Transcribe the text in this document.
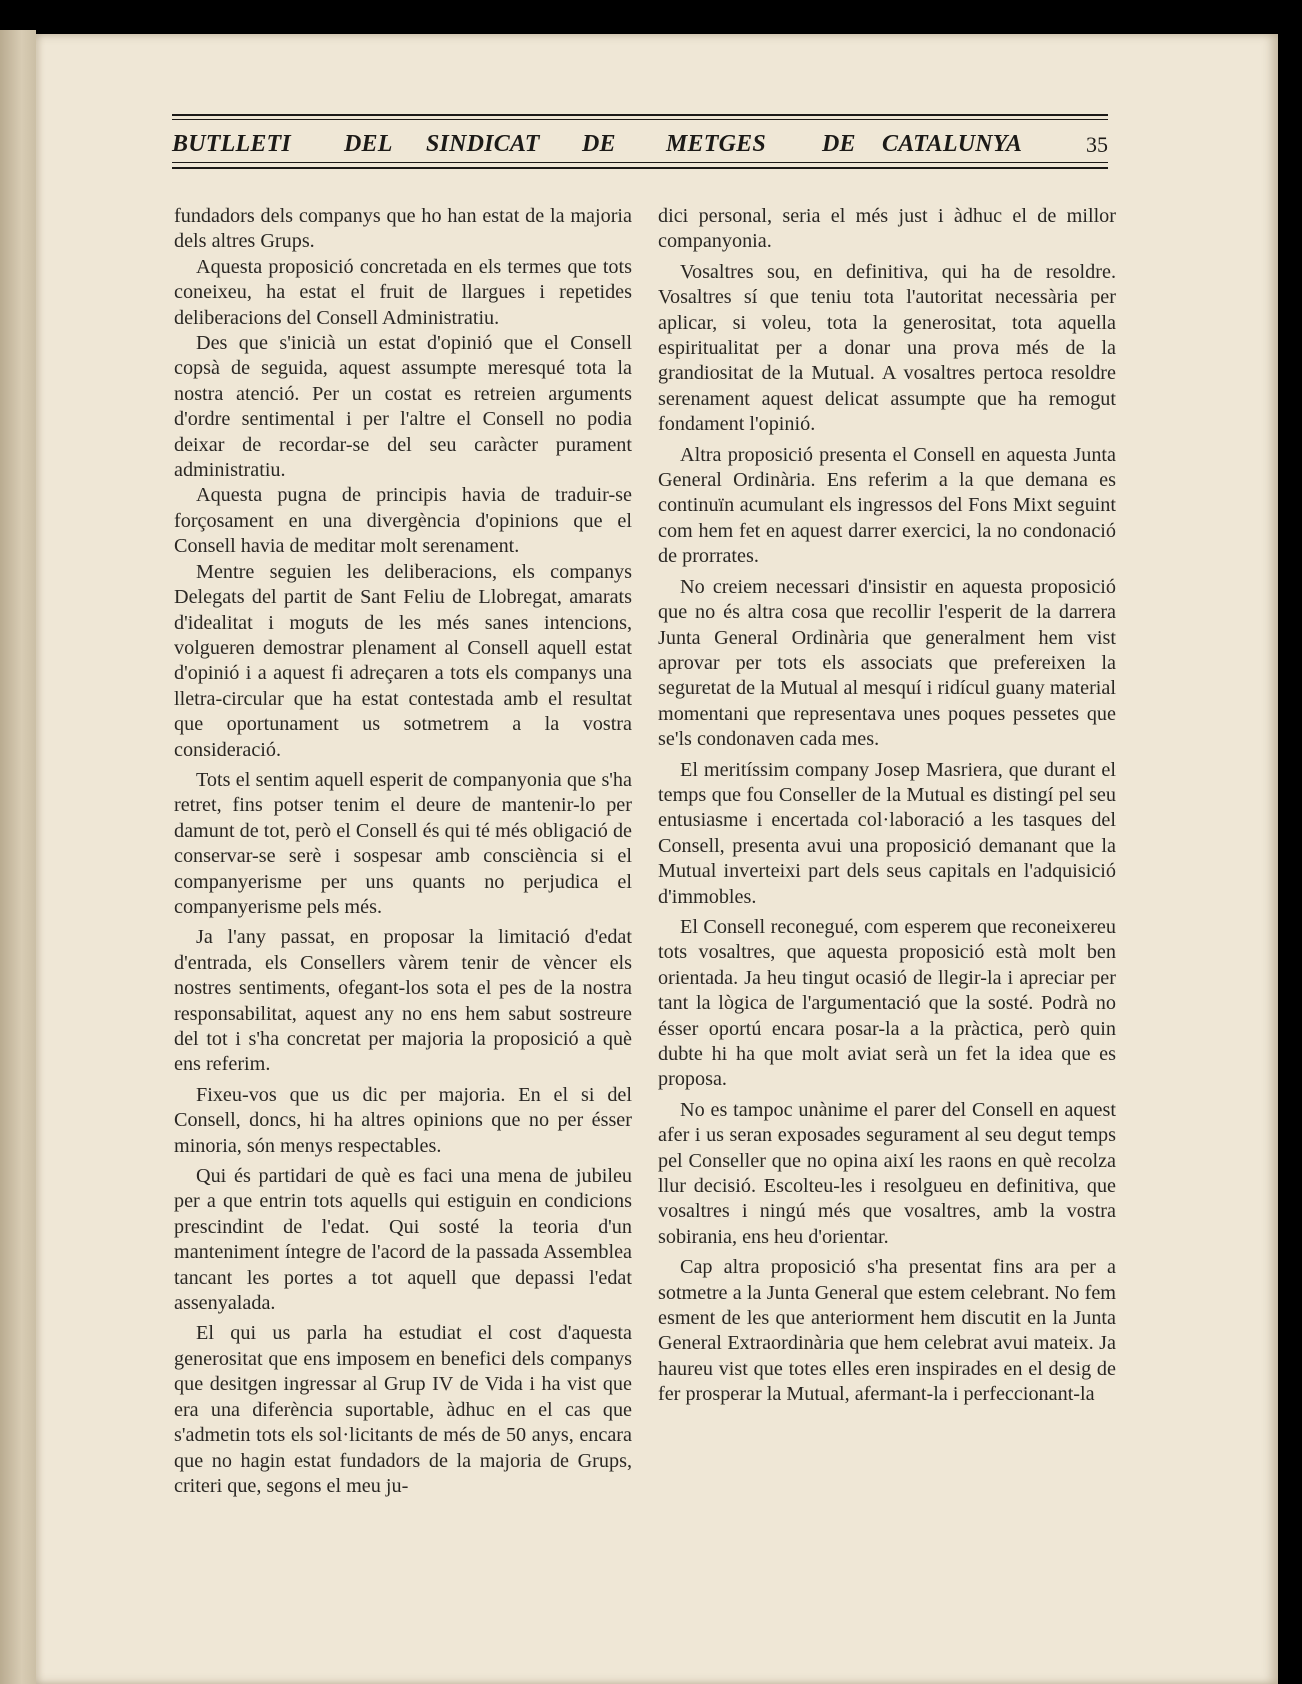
BUTLLETI DEL SINDICAT DE METGES DE CATALUNYA	35

fundadors dels companys que ho han estat de la majoria dels altres Grups.

Aquesta proposició concretada en els termes que tots coneixeu, ha estat el fruit de llargues i repetides deliberacions del Consell Administratiu.

Des que s'inicià un estat d'opinió que el Consell copsà de seguida, aquest assumpte meresqué tota la nostra atenció. Per un costat es retreien arguments d'ordre sentimental i per l'altre el Consell no podia deixar de recordar-se del seu caràcter purament administratiu.

Aquesta pugna de principis havia de traduir-se forçosament en una divergència d'opinions que el Consell havia de meditar molt serenament.

Mentre seguien les deliberacions, els companys Delegats del partit de Sant Feliu de Llobregat, amarats d'idealitat i moguts de les més sanes intencions, volgueren demostrar plenament al Consell aquell estat d'opinió i a aquest fi adreçaren a tots els companys una lletra-circular que ha estat contestada amb el resultat que oportunament us sotmetrem a la vostra consideració.

Tots el sentim aquell esperit de companyonia que s'ha retret, fins potser tenim el deure de mantenir-lo per damunt de tot, però el Consell és qui té més obligació de conservar-se serè i sospesar amb consciència si el companyerisme per uns quants no perjudica el companyerisme pels més.

Ja l'any passat, en proposar la limitació d'edat d'entrada, els Consellers vàrem tenir de vèncer els nostres sentiments, ofegant-los sota el pes de la nostra responsabilitat, aquest any no ens hem sabut sostreure del tot i s'ha concretat per majoria la proposició a què ens referim.

Fixeu-vos que us dic per majoria. En el si del Consell, doncs, hi ha altres opinions que no per ésser minoria, són menys respectables.

Qui és partidari de què es faci una mena de jubileu per a que entrin tots aquells qui estiguin en condicions prescindint de l'edat. Qui sosté la teoria d'un manteniment íntegre de l'acord de la passada Assemblea tancant les portes a tot aquell que depassi l'edat assenyalada.

El qui us parla ha estudiat el cost d'aquesta generositat que ens imposem en benefici dels companys que desitgen ingressar al Grup IV de Vida i ha vist que era una diferència suportable, àdhuc en el cas que s'admetin tots els sol·licitants de més de 50 anys, encara que no hagin estat fundadors de la majoria de Grups, criteri que, segons el meu ju-

dici personal, seria el més just i àdhuc el de millor companyonia.

Vosaltres sou, en definitiva, qui ha de resoldre. Vosaltres sí que teniu tota l'autoritat necessària per aplicar, si voleu, tota la generositat, tota aquella espiritualitat per a donar una prova més de la grandiositat de la Mutual. A vosaltres pertoca resoldre serenament aquest delicat assumpte que ha remogut fondament l'opinió.

Altra proposició presenta el Consell en aquesta Junta General Ordinària. Ens referim a la que demana es continuïn acumulant els ingressos del Fons Mixt seguint com hem fet en aquest darrer exercici, la no condonació de prorrates.

No creiem necessari d'insistir en aquesta proposició que no és altra cosa que recollir l'esperit de la darrera Junta General Ordinària que generalment hem vist aprovar per tots els associats que prefereixen la seguretat de la Mutual al mesquí i ridícul guany material momentani que representava unes poques pessetes que se'ls condonaven cada mes.

El meritíssim company Josep Masriera, que durant el temps que fou Conseller de la Mutual es distingí pel seu entusiasme i encertada col·laboració a les tasques del Consell, presenta avui una proposició demanant que la Mutual inverteixi part dels seus capitals en l'adquisició d'immobles.

El Consell reconegué, com esperem que reconeixereu tots vosaltres, que aquesta proposició està molt ben orientada. Ja heu tingut ocasió de llegir-la i apreciar per tant la lògica de l'argumentació que la sosté. Podrà no ésser oportú encara posar-la a la pràctica, però quin dubte hi ha que molt aviat serà un fet la idea que es proposa.

No es tampoc unànime el parer del Consell en aquest afer i us seran exposades segurament al seu degut temps pel Conseller que no opina així les raons en què recolza llur decisió. Escolteu-les i resolgueu en definitiva, que vosaltres i ningú més que vosaltres, amb la vostra sobirania, ens heu d'orientar.

Cap altra proposició s'ha presentat fins ara per a sotmetre a la Junta General que estem celebrant. No fem esment de les que anteriorment hem discutit en la Junta General Extraordinària que hem celebrat avui mateix. Ja haureu vist que totes elles eren inspirades en el desig de fer prosperar la Mutual, afermant-la i perfeccionant-la
